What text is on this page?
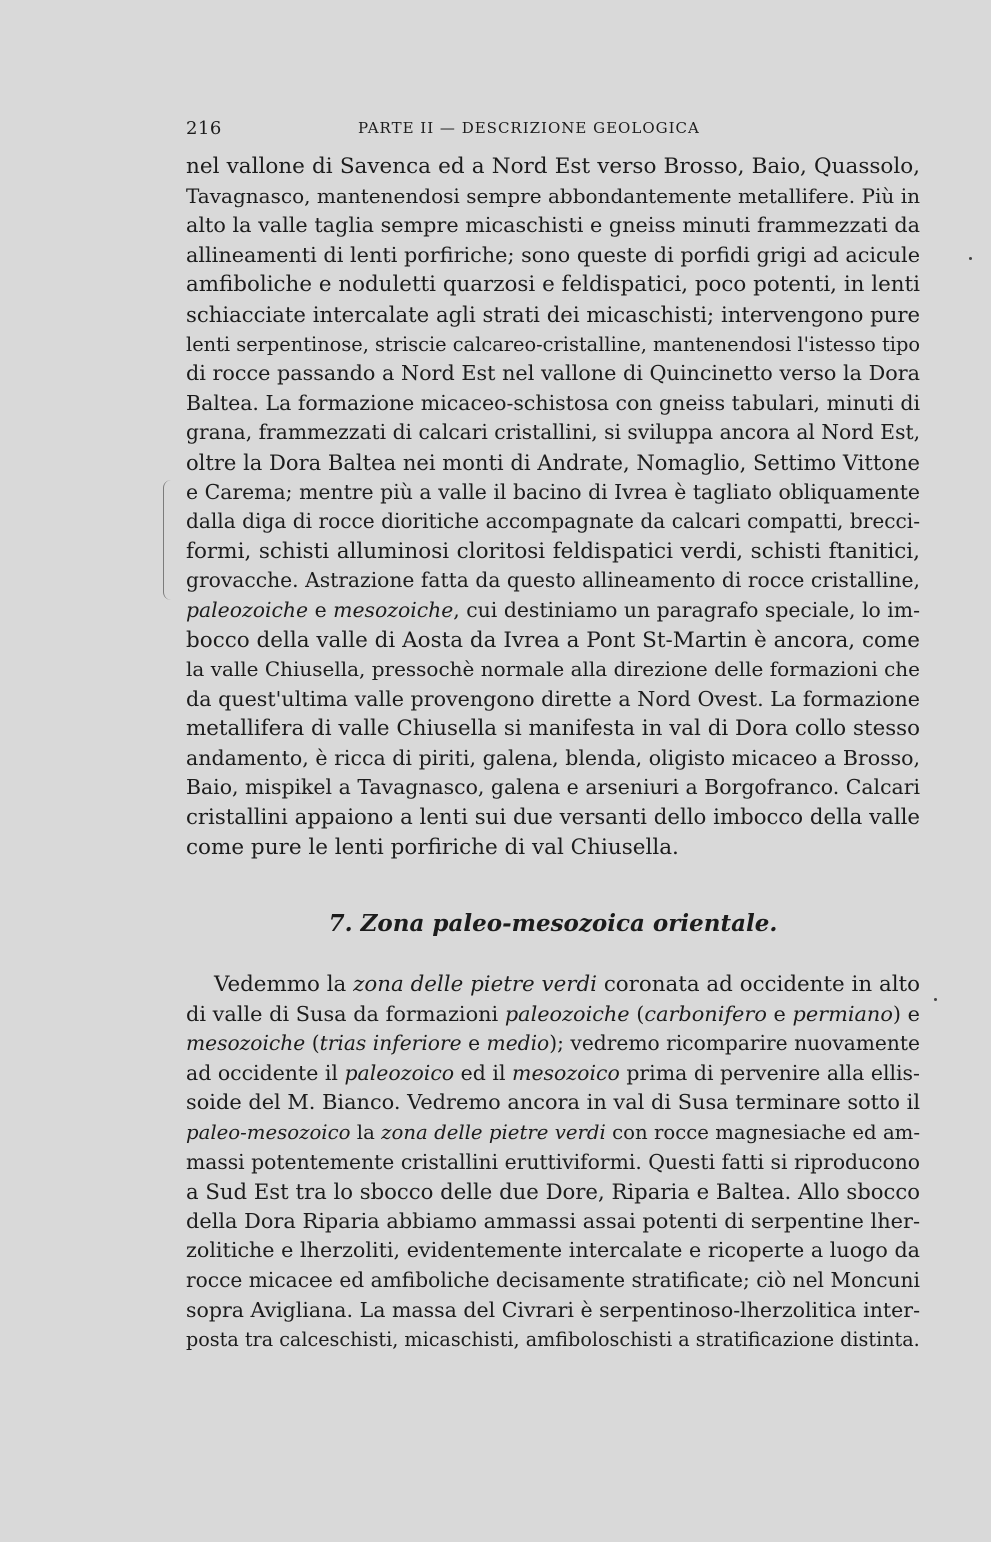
216	PARTE II — DESCRIZIONE GEOLOGICA
nel vallone di Savenca ed a Nord Est verso Brosso, Baio, Quassolo,
Tavagnasco, mantenendosi sempre abbondantemente metallifere. Più in
alto la valle taglia sempre micaschisti e gneiss minuti frammezzati da
allineamenti di lenti porfiriche; sono queste di porfidi grigi ad acicule
amfiboliche e noduletti quarzosi e feldispatici, poco potenti, in lenti
schiacciate intercalate agli strati dei micaschisti; intervengono pure
lenti serpentinose, striscie calcareo-cristalline, mantenendosi l'istesso tipo
di rocce passando a Nord Est nel vallone di Quincinetto verso la Dora
Baltea. La formazione micaceo-schistosa con gneiss tabulari, minuti di
grana, frammezzati di calcari cristallini, si sviluppa ancora al Nord Est,
oltre la Dora Baltea nei monti di Andrate, Nomaglio, Settimo Vittone
e Carema; mentre più a valle il bacino di Ivrea è tagliato obliquamente
dalla diga di rocce dioritiche accompagnate da calcari compatti, brecci-
formi, schisti alluminosi cloritosi feldispatici verdi, schisti ftanitici,
grovacche. Astrazione fatta da questo allineamento di rocce cristalline,
paleozoiche e mesozoiche, cui destiniamo un paragrafo speciale, lo im-
bocco della valle di Aosta da Ivrea a Pont St-Martin è ancora, come
la valle Chiusella, pressochè normale alla direzione delle formazioni che
da quest'ultima valle provengono dirette a Nord Ovest. La formazione
metallifera di valle Chiusella si manifesta in val di Dora collo stesso
andamento, è ricca di piriti, galena, blenda, oligisto micaceo a Brosso,
Baio, mispikel a Tavagnasco, galena e arseniuri a Borgofranco. Calcari
cristallini appaiono a lenti sui due versanti dello imbocco della valle
come pure le lenti porfiriche di val Chiusella.
7. Zona paleo-mesozoica orientale.
Vedemmo la zona delle pietre verdi coronata ad occidente in alto
di valle di Susa da formazioni paleozoiche (carbonifero e permiano) e
mesozoiche (trias inferiore e medio); vedremo ricomparire nuovamente
ad occidente il paleozoico ed il mesozoico prima di pervenire alla ellis-
soide del M. Bianco. Vedremo ancora in val di Susa terminare sotto il
paleo-mesozoico la zona delle pietre verdi con rocce magnesiache ed am-
massi potentemente cristallini eruttiviformi. Questi fatti si riproducono
a Sud Est tra lo sbocco delle due Dore, Riparia e Baltea. Allo sbocco
della Dora Riparia abbiamo ammassi assai potenti di serpentine lher-
zolitiche e lherzoliti, evidentemente intercalate e ricoperte a luogo da
rocce micacee ed amfiboliche decisamente stratificate; ciò nel Moncuni
sopra Avigliana. La massa del Civrari è serpentinoso-lherzolitica inter-
posta tra calceschisti, micaschisti, amfiboloschisti a stratificazione distinta.
